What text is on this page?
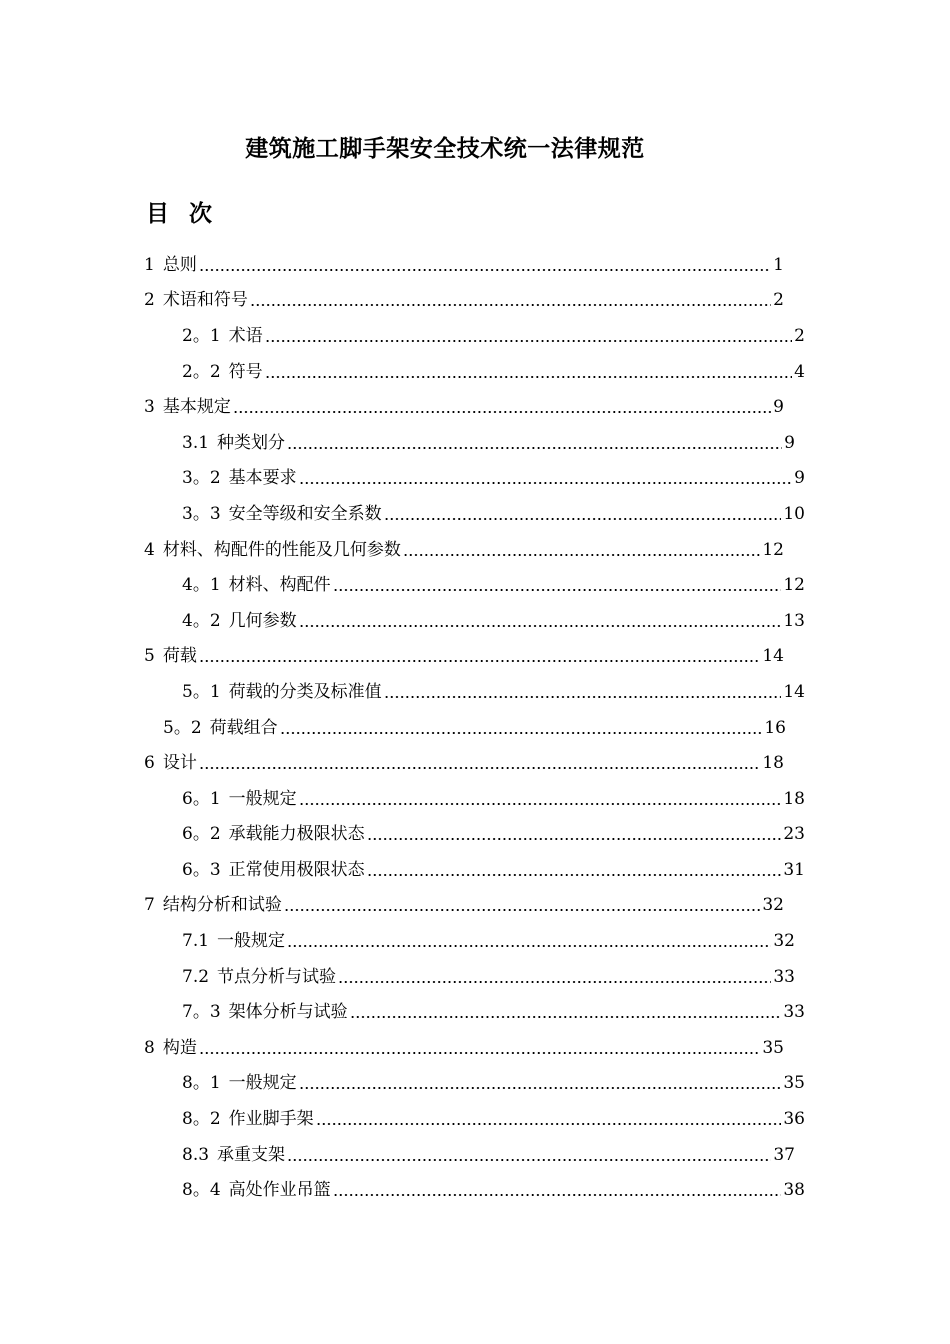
建筑施工脚手架安全技术统一法律规范
目 次
1 总则	1
2 术语和符号	2
2。1 术语	2
2。2 符号	4
3 基本规定	9
3.1 种类划分	9
3。2 基本要求	9
3。3 安全等级和安全系数	10
4 材料、构配件的性能及几何参数	12
4。1 材料、构配件	12
4。2 几何参数	13
5 荷载	14
5。1 荷载的分类及标准值	14
5。2 荷载组合	16
6 设计	18
6。1 一般规定	18
6。2 承载能力极限状态	23
6。3 正常使用极限状态	31
7 结构分析和试验	32
7.1 一般规定	32
7.2 节点分析与试验	33
7。3 架体分析与试验	33
8 构造	35
8。1 一般规定	35
8。2 作业脚手架	36
8.3 承重支架	37
8。4 高处作业吊篮	38
